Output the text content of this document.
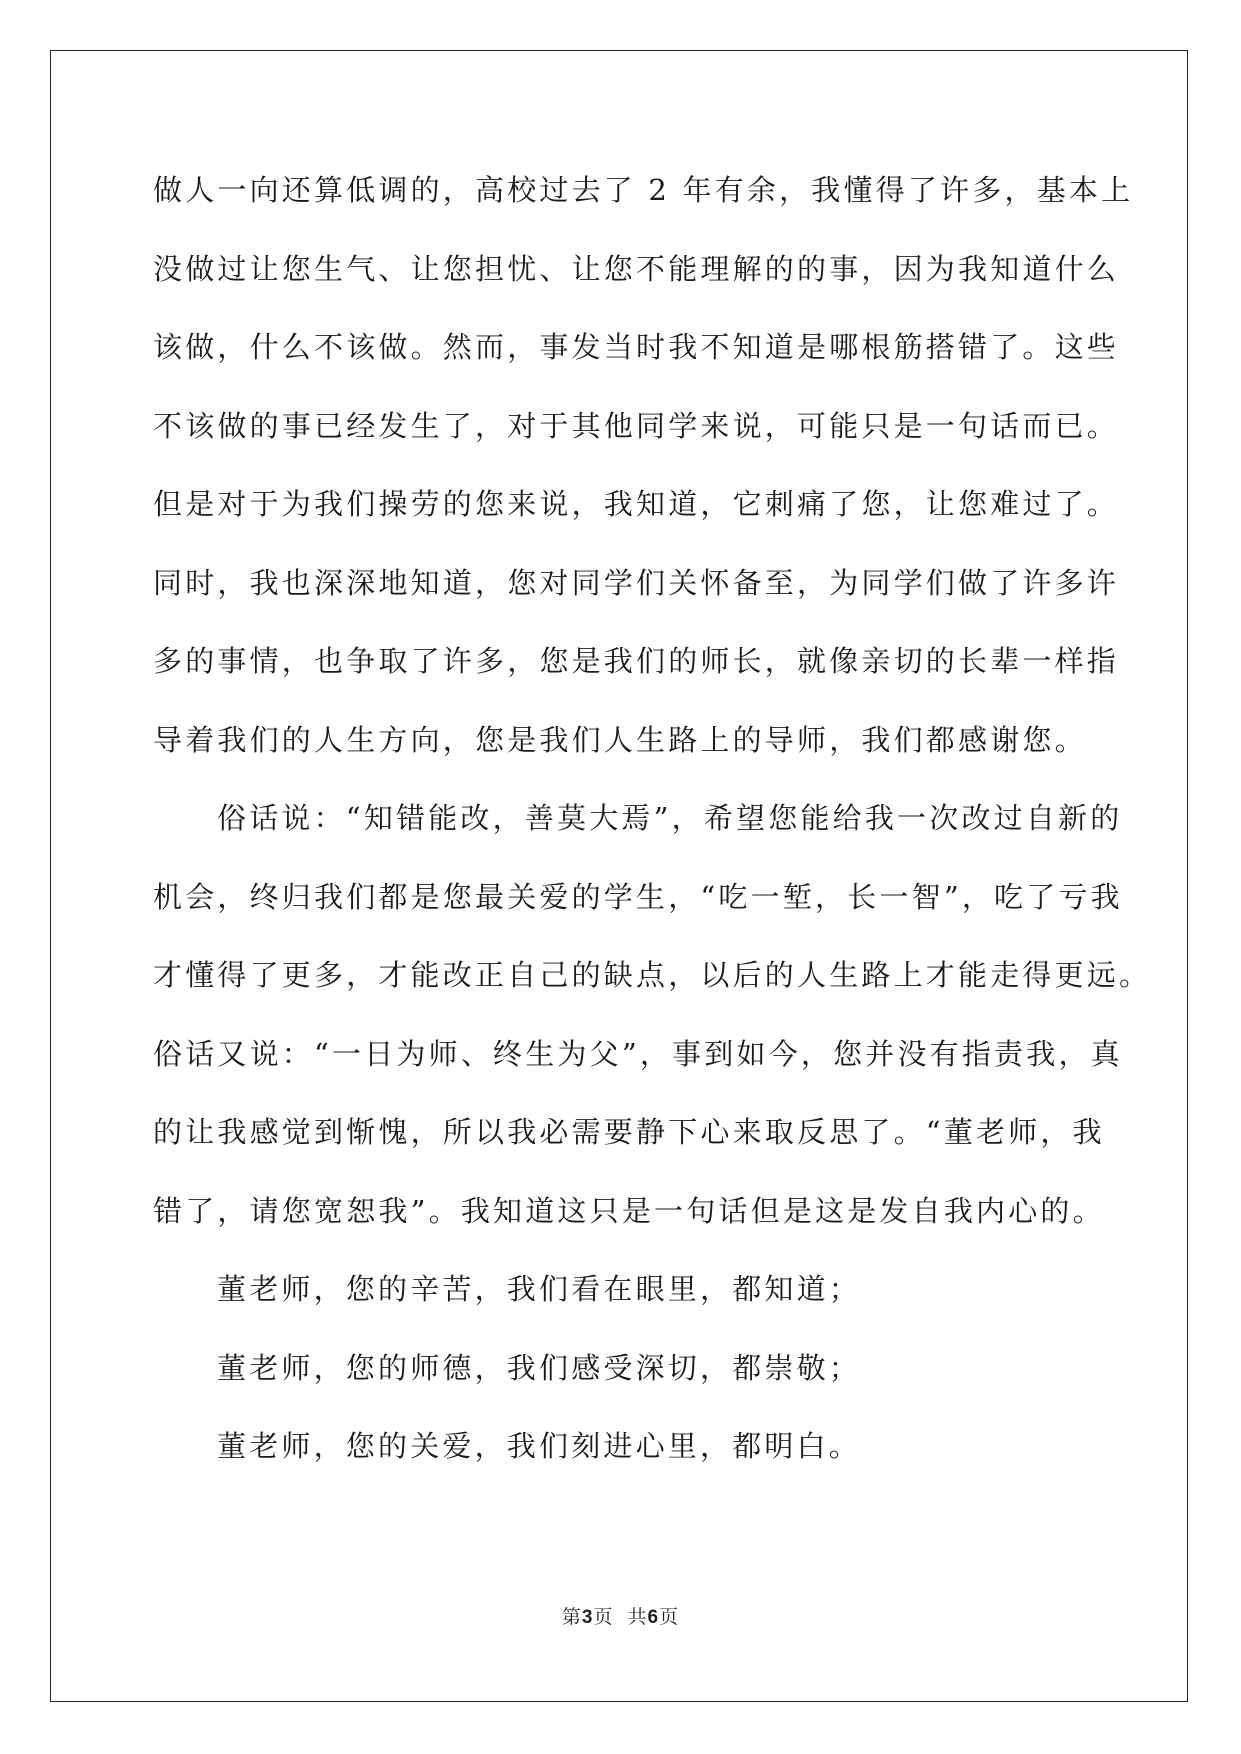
做人一向还算低调的，高校过去了 2 年有余，我懂得了许多，基本上
没做过让您生气、让您担忧、让您不能理解的的事，因为我知道什么
该做，什么不该做。然而，事发当时我不知道是哪根筋搭错了。这些
不该做的事已经发生了，对于其他同学来说，可能只是一句话而已。
但是对于为我们操劳的您来说，我知道，它刺痛了您，让您难过了。
同时，我也深深地知道，您对同学们关怀备至，为同学们做了许多许
多的事情，也争取了许多，您是我们的师长，就像亲切的长辈一样指
导着我们的人生方向，您是我们人生路上的导师，我们都感谢您。
俗话说：“知错能改，善莫大焉”，希望您能给我一次改过自新的
机会，终归我们都是您最关爱的学生，“吃一堑，长一智”，吃了亏我
才懂得了更多，才能改正自己的缺点，以后的人生路上才能走得更远。
俗话又说：“一日为师、终生为父”，事到如今，您并没有指责我，真
的让我感觉到惭愧，所以我必需要静下心来取反思了。“董老师，我
错了，请您宽恕我”。我知道这只是一句话但是这是发自我内心的。
董老师，您的辛苦，我们看在眼里，都知道；
董老师，您的师德，我们感受深切，都崇敬；
董老师，您的关爱，我们刻进心里，都明白。
第3页 共6页
